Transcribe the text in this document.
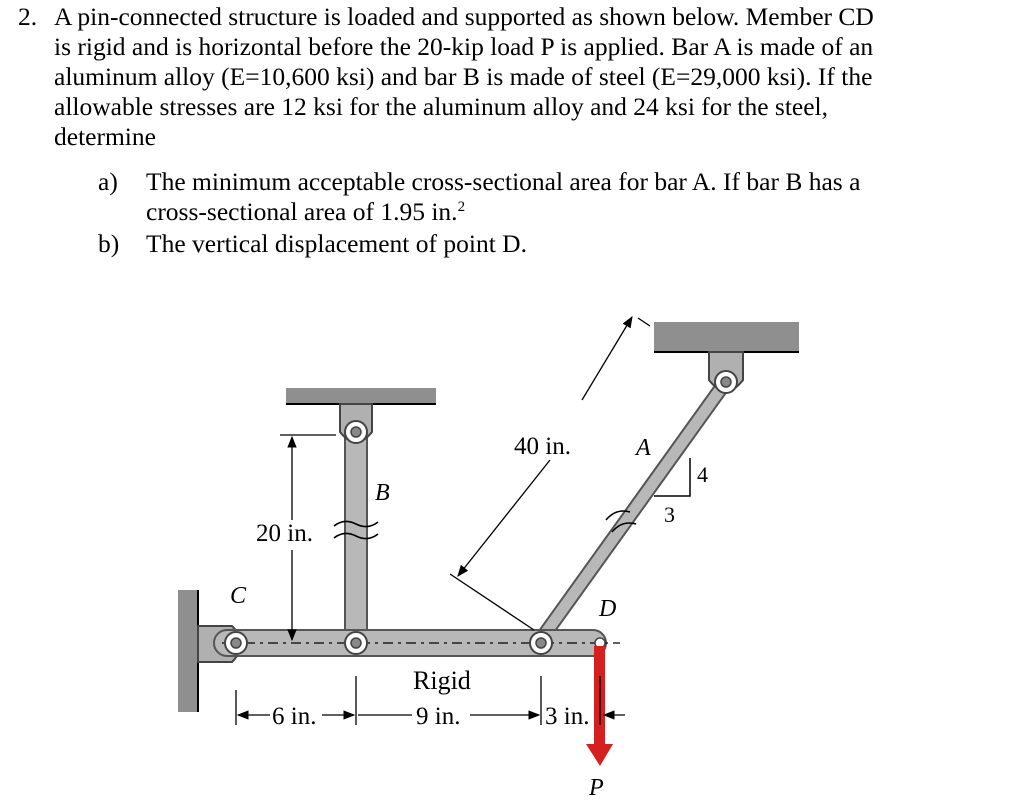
2. A pin-connected structure is loaded and supported as shown below. Member CD

is rigid and is horizontal before the 20-kip load P is applied. Bar A is made of an

aluminum alloy (E=10,600 ksi) and bar B is made of steel (E=29,000 ksi). If the

allowable stresses are 12 ksi for the aluminum alloy and 24 ksi for the steel,

determine

a) The minimum acceptable cross-sectional area for bar A. If bar B has a
cross-sectional area of 1.95 in.$^2$
b) The vertical displacement of point D.
C
B
A
D
P
Rigid
20 in.
40 in.
6 in.	9 in.	3 in.
4
3
